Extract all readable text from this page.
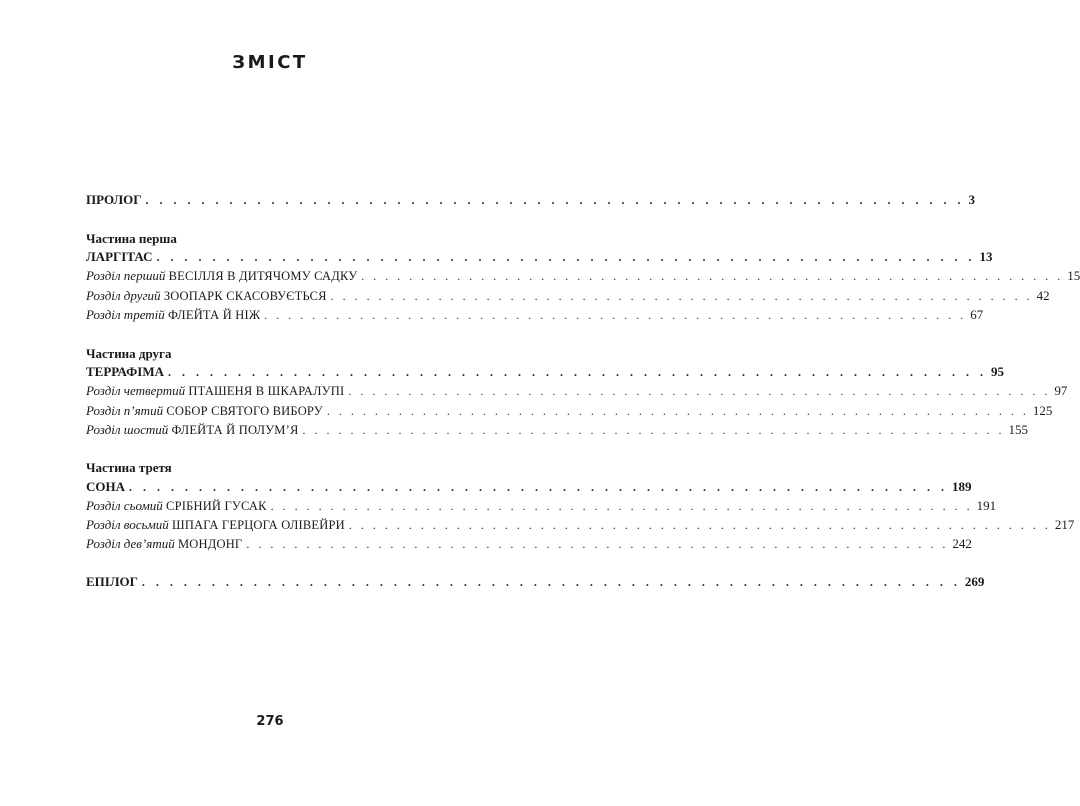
ЗМІСТ
ПРОЛОГ . . . . . . . . . . . . . . . . . . . . . . . . . . . . . . . . . . . . . . . . . . . . . . . . . . . . . . . . . . . 3
Частина перша
ЛАРГІТАС . . . . . . . . . . . . . . . . . . . . . . . . . . . . . . . . . . . . . . . . . . . . . . . . . . . . . . . . . . . 13
Розділ перший ВЕСІЛЛЯ В ДИТЯЧОМУ САДКУ . . . . . . . . . . . . . . . . . . . . . . . . . . . . . . . . . . . . . . . . . . . . . . . . . . . . . . . . . . . 15
Розділ другий ЗООПАРК СКАСОВУЄТЬСЯ . . . . . . . . . . . . . . . . . . . . . . . . . . . . . . . . . . . . . . . . . . . . . . . . . . . . . . . . . . . 42
Розділ третій ФЛЕЙТА Й НІЖ . . . . . . . . . . . . . . . . . . . . . . . . . . . . . . . . . . . . . . . . . . . . . . . . . . . . . . . . . . . 67
Частина друга
ТЕРРАФІМА . . . . . . . . . . . . . . . . . . . . . . . . . . . . . . . . . . . . . . . . . . . . . . . . . . . . . . . . . . . 95
Розділ четвертий ПТАШЕНЯ В ШКАРАЛУПІ . . . . . . . . . . . . . . . . . . . . . . . . . . . . . . . . . . . . . . . . . . . . . . . . . . . . . . . . . . . 97
Розділ п’ятий СОБОР СВЯТОГО ВИБОРУ . . . . . . . . . . . . . . . . . . . . . . . . . . . . . . . . . . . . . . . . . . . . . . . . . . . . . . . . . . . 125
Розділ шостий ФЛЕЙТА Й ПОЛУМ’Я . . . . . . . . . . . . . . . . . . . . . . . . . . . . . . . . . . . . . . . . . . . . . . . . . . . . . . . . . . . 155
Частина третя
СОНА . . . . . . . . . . . . . . . . . . . . . . . . . . . . . . . . . . . . . . . . . . . . . . . . . . . . . . . . . . . 189
Розділ сьомий СРІБНИЙ ГУСАК . . . . . . . . . . . . . . . . . . . . . . . . . . . . . . . . . . . . . . . . . . . . . . . . . . . . . . . . . . . 191
Розділ восьмий ШПАГА ГЕРЦОГА ОЛІВЕЙРИ . . . . . . . . . . . . . . . . . . . . . . . . . . . . . . . . . . . . . . . . . . . . . . . . . . . . . . . . . . . 217
Розділ дев’ятий МОНДОНГ . . . . . . . . . . . . . . . . . . . . . . . . . . . . . . . . . . . . . . . . . . . . . . . . . . . . . . . . . . . 242
ЕПІЛОГ . . . . . . . . . . . . . . . . . . . . . . . . . . . . . . . . . . . . . . . . . . . . . . . . . . . . . . . . . . . 269
276
